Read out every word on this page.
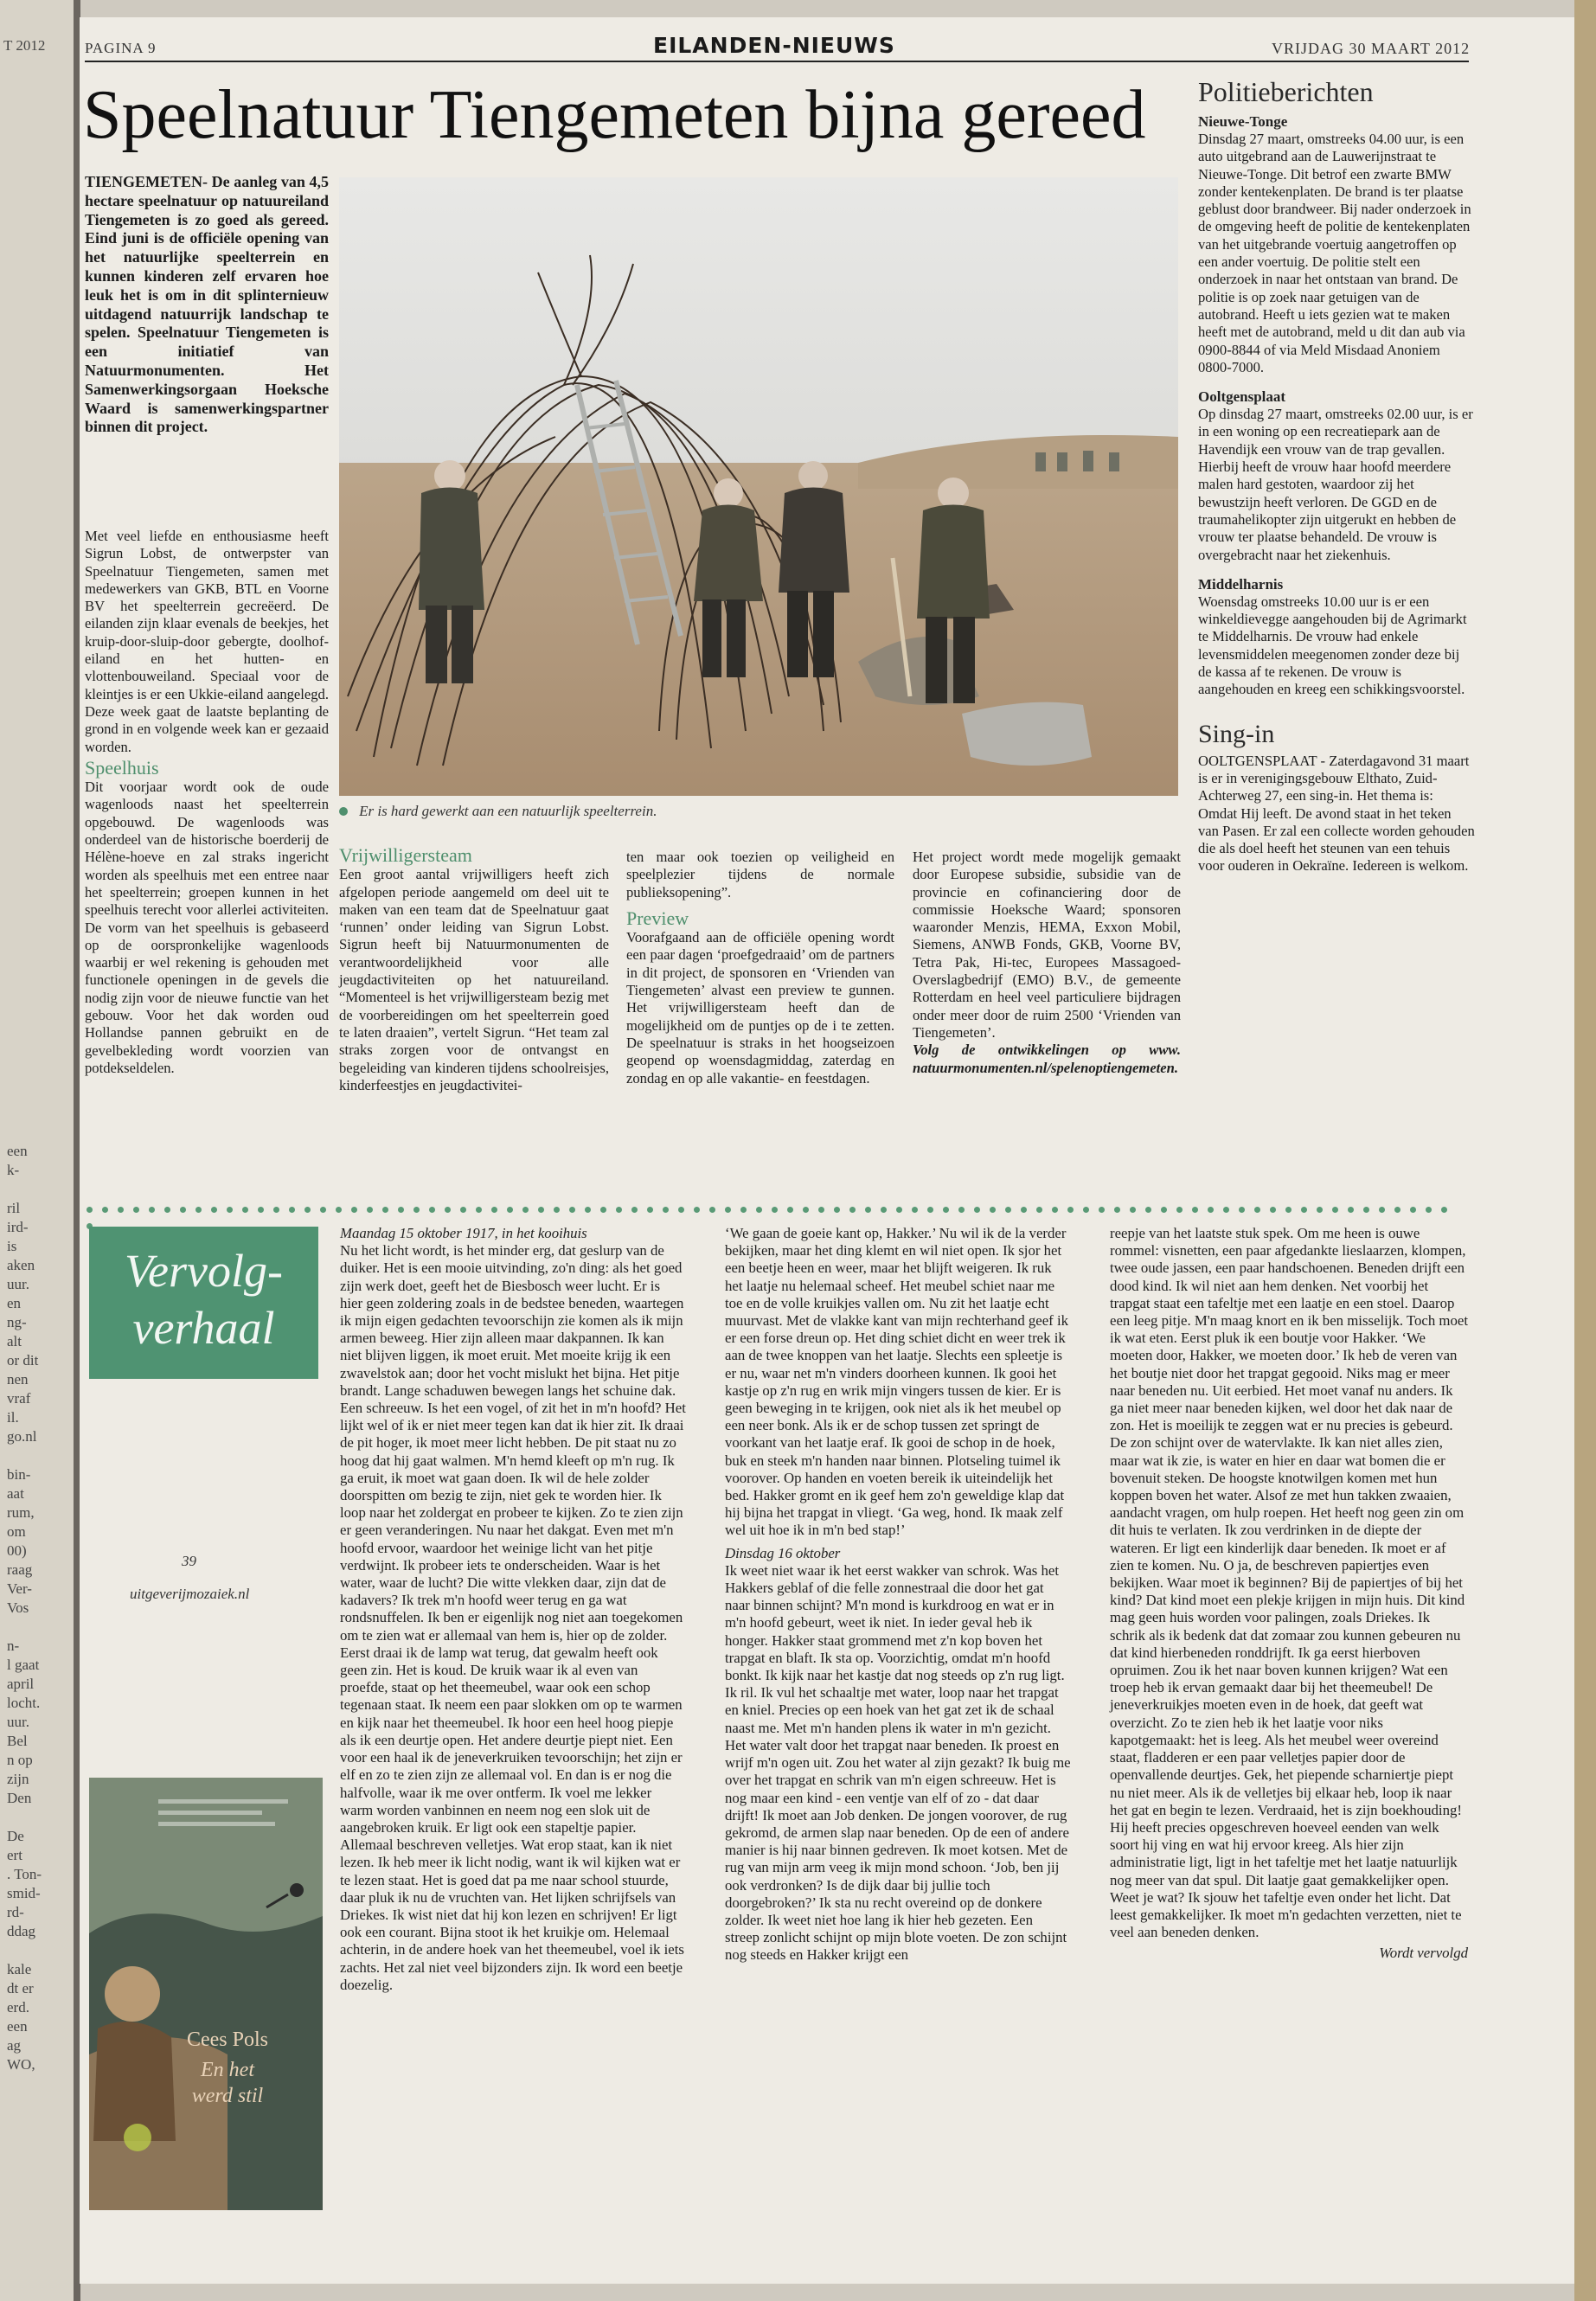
T 2012
een
k-

ril
ird-
is
aken
uur.
en
ng-
alt
or dit
nen
vraf
il.
go.nl

bin-
aat
rum,
om
00)
raag
Ver-
Vos

n-
l gaat
april
locht.
uur.
Bel
n op
zijn
Den

De
ert
. Ton-
smid-
rd-
ddag

kale
dt er
erd.
een
ag
WO,
PAGINA 9	EILANDEN-NIEUWS	VRIJDAG 30 MAART 2012
Speelnatuur Tiengemeten bijna gereed
TIENGEMETEN- De aanleg van 4,5 hectare speelnatuur op natuureiland Tiengemeten is zo goed als gereed. Eind juni is de officiële opening van het natuurlijke speelterrein en kunnen kinderen zelf ervaren hoe leuk het is om in dit splinternieuw uitdagend natuurrijk landschap te spelen. Speelnatuur Tiengemeten is een initiatief van Natuurmonumenten. Het Samenwerkingsorgaan Hoeksche Waard is samenwerkingspartner binnen dit project.

Met veel liefde en enthousiasme heeft Sigrun Lobst, de ontwerpster van Speelnatuur Tiengemeten, samen met medewerkers van GKB, BTL en Voorne BV het speelterrein gecreëerd. De eilanden zijn klaar evenals de beekjes, het kruip-door-sluip-door gebergte, doolhof-eiland en het hutten- en vlottenbouweiland. Speciaal voor de kleintjes is er een Ukkie-eiland aangelegd. Deze week gaat de laatste beplanting de grond in en volgende week kan er gezaaid worden.

Speelhuis

Dit voorjaar wordt ook de oude wagenloods naast het speelterrein opgebouwd. De wagenloods was onderdeel van de historische boerderij de Hélène-hoeve en zal straks ingericht worden als speelhuis met een entree naar het speelterrein; groepen kunnen in het speelhuis terecht voor allerlei activiteiten. De vorm van het speelhuis is gebaseerd op de oorspronkelijke wagenloods waarbij er wel rekening is gehouden met functionele openingen in de gevels die nodig zijn voor de nieuwe functie van het gebouw. Voor het dak worden oud Hollandse pannen gebruikt en de gevelbekleding wordt voorzien van potdekseldelen.

Er is hard gewerkt aan een natuurlijk speelterrein.
Vrijwilligersteam

Een groot aantal vrijwilligers heeft zich afgelopen periode aangemeld om deel uit te maken van een team dat de Speelnatuur gaat ‘runnen’ onder leiding van Sigrun Lobst. Sigrun heeft bij Natuurmonumenten de verantwoordelijkheid voor alle jeugdactiviteiten op het natuureiland. “Momenteel is het vrijwilligersteam bezig met de voorbereidingen om het speelterrein goed te laten draaien”, vertelt Sigrun. “Het team zal straks zorgen voor de ontvangst en begeleiding van kinderen tijdens schoolreisjes, kinderfeestjes en jeugdactivitei-

ten maar ook toezien op veiligheid en speelplezier tijdens de normale publieksopening”.

Preview

Voorafgaand aan de officiële opening wordt een paar dagen ‘proefgedraaid’ om de partners in dit project, de sponsoren en ‘Vrienden van Tiengemeten’ alvast een preview te gunnen. Het vrijwilligersteam heeft dan de mogelijkheid om de puntjes op de i te zetten. De speelnatuur is straks in het hoogseizoen geopend op woensdagmiddag, zaterdag en zondag en op alle vakantie- en feestdagen.

Het project wordt mede mogelijk gemaakt door Europese subsidie, subsidie van de provincie en cofinanciering door de commissie Hoeksche Waard; sponsoren waaronder Menzis, HEMA, Exxon Mobil, Siemens, ANWB Fonds, GKB, Voorne BV, Tetra Pak, Hi-tec, Europees Massagoed- Overslagbedrijf (EMO) B.V., de gemeente Rotterdam en heel veel particuliere bijdragen onder meer door de ruim 2500 ‘Vrienden van Tiengemeten’.

Volg de ontwikkelingen op www. natuurmonumenten.nl/spelenoptiengemeten.

Politieberichten
Nieuwe-Tonge
Dinsdag 27 maart, omstreeks 04.00 uur, is een auto uitgebrand aan de Lauwerijnstraat te Nieuwe-Tonge. Dit betrof een zwarte BMW zonder kentekenplaten. De brand is ter plaatse geblust door brandweer. Bij nader onderzoek in de omgeving heeft de politie de kentekenplaten van het uitgebrande voertuig aangetroffen op een ander voertuig. De politie stelt een onderzoek in naar het ontstaan van brand. De politie is op zoek naar getuigen van de autobrand. Heeft u iets gezien wat te maken heeft met de autobrand, meld u dit dan aub via 0900-8844 of via Meld Misdaad Anoniem 0800-7000.
Ooltgensplaat
Op dinsdag 27 maart, omstreeks 02.00 uur, is er in een woning op een recreatiepark aan de Havendijk een vrouw van de trap gevallen. Hierbij heeft de vrouw haar hoofd meerdere malen hard gestoten, waardoor zij het bewustzijn heeft verloren. De GGD en de traumahelikopter zijn uitgerukt en hebben de vrouw ter plaatse behandeld. De vrouw is overgebracht naar het ziekenhuis.
Middelharnis
Woensdag omstreeks 10.00 uur is er een winkeldievegge aangehouden bij de Agrimarkt te Middelharnis. De vrouw had enkele levensmiddelen meegenomen zonder deze bij de kassa af te rekenen. De vrouw is aangehouden en kreeg een schikkingsvoorstel.
Sing-in
OOLTGENSPLAAT - Zaterdagavond 31 maart is er in verenigingsgebouw Elthato, Zuid-Achterweg 27, een sing-in. Het thema is: Omdat Hij leeft. De avond staat in het teken van Pasen. Er zal een collecte worden gehouden die als doel heeft het steunen van een tehuis voor ouderen in Oekraïne. Iedereen is welkom.
Vervolg-
verhaal
39
uitgeverijmozaiek.nl
Cees Pols
En het
werd stil

Maandag 15 oktober 1917, in het kooihuis

Nu het licht wordt, is het minder erg, dat geslurp van de duiker. Het is een mooie uitvinding, zo'n ding: als het goed zijn werk doet, geeft het de Biesbosch weer lucht. Er is hier geen zoldering zoals in de bedstee beneden, waartegen ik mijn eigen gedachten tevoorschijn zie komen als ik mijn armen beweeg. Hier zijn alleen maar dakpannen. Ik kan niet blijven liggen, ik moet eruit. Met moeite krijg ik een zwavelstok aan; door het vocht mislukt het bijna. Het pitje brandt. Lange schaduwen bewegen langs het schuine dak. Een schreeuw. Is het een vogel, of zit het in m'n hoofd? Het lijkt wel of ik er niet meer tegen kan dat ik hier zit. Ik draai de pit hoger, ik moet meer licht hebben. De pit staat nu zo hoog dat hij gaat walmen. M'n hemd kleeft op m'n rug. Ik ga eruit, ik moet wat gaan doen. Ik wil de hele zolder doorspitten om bezig te zijn, niet gek te worden hier. Ik loop naar het zoldergat en probeer te kijken. Zo te zien zijn er geen veranderingen. Nu naar het dakgat. Even met m'n hoofd ervoor, waardoor het weinige licht van het pitje verdwijnt. Ik probeer iets te onderscheiden. Waar is het water, waar de lucht? Die witte vlekken daar, zijn dat de kadavers? Ik trek m'n hoofd weer terug en ga wat rondsnuffelen. Ik ben er eigenlijk nog niet aan toegekomen om te zien wat er allemaal van hem is, hier op de zolder. Eerst draai ik de lamp wat terug, dat gewalm heeft ook geen zin. Het is koud. De kruik waar ik al even van proefde, staat op het theemeubel, waar ook een schop tegenaan staat. Ik neem een paar slokken om op te warmen en kijk naar het theemeubel. Ik hoor een heel hoog piepje als ik een deurtje open. Het andere deurtje piept niet. Een voor een haal ik de jeneverkruiken tevoorschijn; het zijn er elf en zo te zien zijn ze allemaal vol. En dan is er nog die halfvolle, waar ik me over ontferm. Ik voel me lekker warm worden vanbinnen en neem nog een slok uit de aangebroken kruik. Er ligt ook een stapeltje papier. Allemaal beschreven velletjes. Wat erop staat, kan ik niet lezen. Ik heb meer ik licht nodig, want ik wil kijken wat er te lezen staat. Het is goed dat pa me naar school stuurde, daar pluk ik nu de vruchten van. Het lijken schrijfsels van Driekes. Ik wist niet dat hij kon lezen en schrijven! Er ligt ook een courant. Bijna stoot ik het kruikje om. Helemaal achterin, in de andere hoek van het theemeubel, voel ik iets zachts. Het zal niet veel bijzonders zijn. Ik word een beetje doezelig.

‘We gaan de goeie kant op, Hakker.’ Nu wil ik de la verder bekijken, maar het ding klemt en wil niet open. Ik sjor het een beetje heen en weer, maar het blijft weigeren. Ik ruk het laatje nu helemaal scheef. Het meubel schiet naar me toe en de volle kruikjes vallen om. Nu zit het laatje echt muurvast. Met de vlakke kant van mijn rechterhand geef ik er een forse dreun op. Het ding schiet dicht en weer trek ik aan de twee knoppen van het laatje. Slechts een spleetje is er nu, waar net m'n vinders doorheen kunnen. Ik gooi het kastje op z'n rug en wrik mijn vingers tussen de kier. Er is geen beweging in te krijgen, ook niet als ik het meubel op een neer bonk. Als ik er de schop tussen zet springt de voorkant van het laatje eraf. Ik gooi de schop in de hoek, buk en steek m'n handen naar binnen. Plotseling tuimel ik voorover. Op handen en voeten bereik ik uiteindelijk het bed. Hakker gromt en ik geef hem zo'n geweldige klap dat hij bijna het trapgat in vliegt. ‘Ga weg, hond. Ik maak zelf wel uit hoe ik in m'n bed stap!’

Dinsdag 16 oktober

Ik weet niet waar ik het eerst wakker van schrok. Was het Hakkers geblaf of die felle zonnestraal die door het gat naar binnen schijnt? M'n mond is kurkdroog en wat er in m'n hoofd gebeurt, weet ik niet. In ieder geval heb ik honger. Hakker staat grommend met z'n kop boven het trapgat en blaft. Ik sta op. Voorzichtig, omdat m'n hoofd bonkt. Ik kijk naar het kastje dat nog steeds op z'n rug ligt. Ik ril. Ik vul het schaaltje met water, loop naar het trapgat en kniel. Precies op een hoek van het gat zet ik de schaal naast me. Met m'n handen plens ik water in m'n gezicht. Het water valt door het trapgat naar beneden. Ik proest en wrijf m'n ogen uit. Zou het water al zijn gezakt? Ik buig me over het trapgat en schrik van m'n eigen schreeuw. Het is nog maar een kind - een ventje van elf of zo - dat daar drijft! Ik moet aan Job denken. De jongen voorover, de rug gekromd, de armen slap naar beneden. Op de een of andere manier is hij naar binnen gedreven. Ik moet kotsen. Met de rug van mijn arm veeg ik mijn mond schoon. ‘Job, ben jij ook verdronken? Is de dijk daar bij jullie toch doorgebroken?’ Ik sta nu recht overeind op de donkere zolder. Ik weet niet hoe lang ik hier heb gezeten. Een streep zonlicht schijnt op mijn blote voeten. De zon schijnt nog steeds en Hakker krijgt een

reepje van het laatste stuk spek. Om me heen is ouwe rommel: visnetten, een paar afgedankte lieslaarzen, klompen, twee oude jassen, een paar handschoenen. Beneden drijft een dood kind. Ik wil niet aan hem denken. Net voorbij het trapgat staat een tafeltje met een laatje en een stoel. Daarop een leeg pitje. M'n maag knort en ik ben misselijk. Toch moet ik wat eten. Eerst pluk ik een boutje voor Hakker. ‘We moeten door, Hakker, we moeten door.’ Ik heb de veren van het boutje niet door het trapgat gegooid. Niks mag er meer naar beneden nu. Uit eerbied. Het moet vanaf nu anders. Ik ga niet meer naar beneden kijken, wel door het dak naar de zon. Het is moeilijk te zeggen wat er nu precies is gebeurd. De zon schijnt over de watervlakte. Ik kan niet alles zien, maar wat ik zie, is water en hier en daar wat bomen die er bovenuit steken. De hoogste knotwilgen komen met hun koppen boven het water. Alsof ze met hun takken zwaaien, aandacht vragen, om hulp roepen. Het heeft nog geen zin om dit huis te verlaten. Ik zou verdrinken in de diepte der wateren. Er ligt een kinderlijk daar beneden. Ik moet er af zien te komen. Nu. O ja, de beschreven papiertjes even bekijken. Waar moet ik beginnen? Bij de papiertjes of bij het kind? Dat kind moet een plekje krijgen in mijn huis. Dit kind mag geen huis worden voor palingen, zoals Driekes. Ik schrik als ik bedenk dat dat zomaar zou kunnen gebeuren nu dat kind hierbeneden ronddrijft. Ik ga eerst hierboven opruimen. Zou ik het naar boven kunnen krijgen? Wat een troep heb ik ervan gemaakt daar bij het theemeubel! De jeneverkruikjes moeten even in de hoek, dat geeft wat overzicht. Zo te zien heb ik het laatje voor niks kapotgemaakt: het is leeg. Als het meubel weer overeind staat, fladderen er een paar velletjes papier door de openvallende deurtjes. Gek, het piepende scharniertje piept nu niet meer. Als ik de velletjes bij elkaar heb, loop ik naar het gat en begin te lezen. Verdraaid, het is zijn boekhouding! Hij heeft precies opgeschreven hoeveel eenden van welk soort hij ving en wat hij ervoor kreeg. Als hier zijn administratie ligt, ligt in het tafeltje met het laatje natuurlijk nog meer van dat spul. Dit laatje gaat gemakkelijker open. Weet je wat? Ik sjouw het tafeltje even onder het licht. Dat leest gemakkelijker. Ik moet m'n gedachten verzetten, niet te veel aan beneden denken.

Wordt vervolgd
